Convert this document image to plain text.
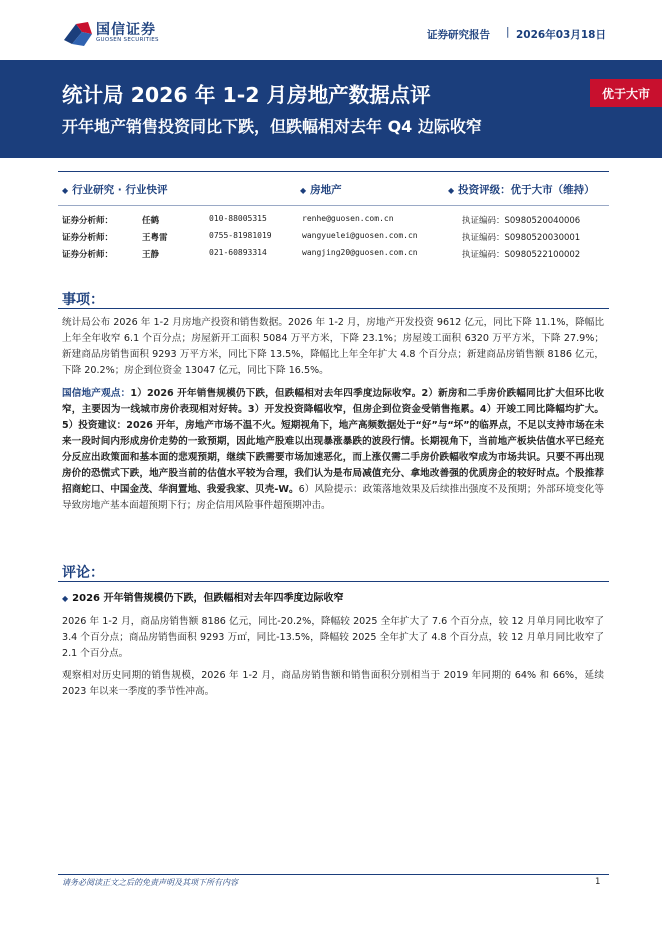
国信证券
GUOSEN SECURITIES	证券研究报告 | 2026年03月18日
统计局 2026 年 1-2 月房地产数据点评
开年地产销售投资同比下跌，但跌幅相对去年 Q4 边际收窄
优于大市
◆ 行业研究 · 行业快评	◆ 房地产	◆ 投资评级：优于大市（维持）
证券分析师：	任鹤	010-88005315	renhe@guosen.com.cn	执证编码：S0980520040006
证券分析师：	王粤雷	0755-81981019	wangyuelei@guosen.com.cn	执证编码：S0980520030001
证券分析师：	王静	021-60893314	wangjing20@guosen.com.cn	执证编码：S0980522100002
事项：

统计局公布 2026 年 1-2 月房地产投资和销售数据。2026 年 1-2 月，房地产开发投资 9612 亿元，同比下降 11.1%，降幅比上年全年收窄 6.1 个百分点；房屋新开工面积 5084 万平方米，下降 23.1%；房屋竣工面积 6320 万平方米，下降 27.9%；新建商品房销售面积 9293 万平方米，同比下降 13.5%，降幅比上年全年扩大 4.8 个百分点；新建商品房销售额 8186 亿元，下降 20.2%；房企到位资金 13047 亿元，同比下降 16.5%。

国信地产观点：1）2026 开年销售规模仍下跌，但跌幅相对去年四季度边际收窄。2）新房和二手房价跌幅同比扩大但环比收窄，主要因为一线城市房价表现相对好转。3）开发投资降幅收窄，但房企到位资金受销售拖累。4）开竣工同比降幅均扩大。5）投资建议：2026 开年，房地产市场不温不火。短期视角下，地产高频数据处于“好”与“坏”的临界点，不足以支持市场在未来一段时间内形成房价走势的一致预期，因此地产股难以出现暴涨暴跌的波段行情。长期视角下，当前地产板块估值水平已经充分反应出政策面和基本面的悲观预期，继续下跌需要市场加速恶化，而上涨仅需二手房价跌幅收窄成为市场共识。只要不再出现房价的恐慌式下跌，地产股当前的估值水平较为合理，我们认为是布局减值充分、拿地改善强的优质房企的较好时点。个股推荐招商蛇口、中国金茂、华润置地、我爱我家、贝壳-W。6）风险提示：政策落地效果及后续推出强度不及预期；外部环境变化等导致房地产基本面超预期下行；房企信用风险事件超预期冲击。

评论：
◆ 2026 开年销售规模仍下跌，但跌幅相对去年四季度边际收窄

2026 年 1-2 月，商品房销售额 8186 亿元，同比-20.2%，降幅较 2025 全年扩大了 7.6 个百分点，较 12 月单月同比收窄了 3.4 个百分点；商品房销售面积 9293 万㎡，同比-13.5%，降幅较 2025 全年扩大了 4.8 个百分点，较 12 月单月同比收窄了 2.1 个百分点。

观察相对历史同期的销售规模，2026 年 1-2 月，商品房销售额和销售面积分别相当于 2019 年同期的 64% 和 66%，延续 2023 年以来一季度的季节性冲高。

请务必阅读正文之后的免责声明及其项下所有内容	1
